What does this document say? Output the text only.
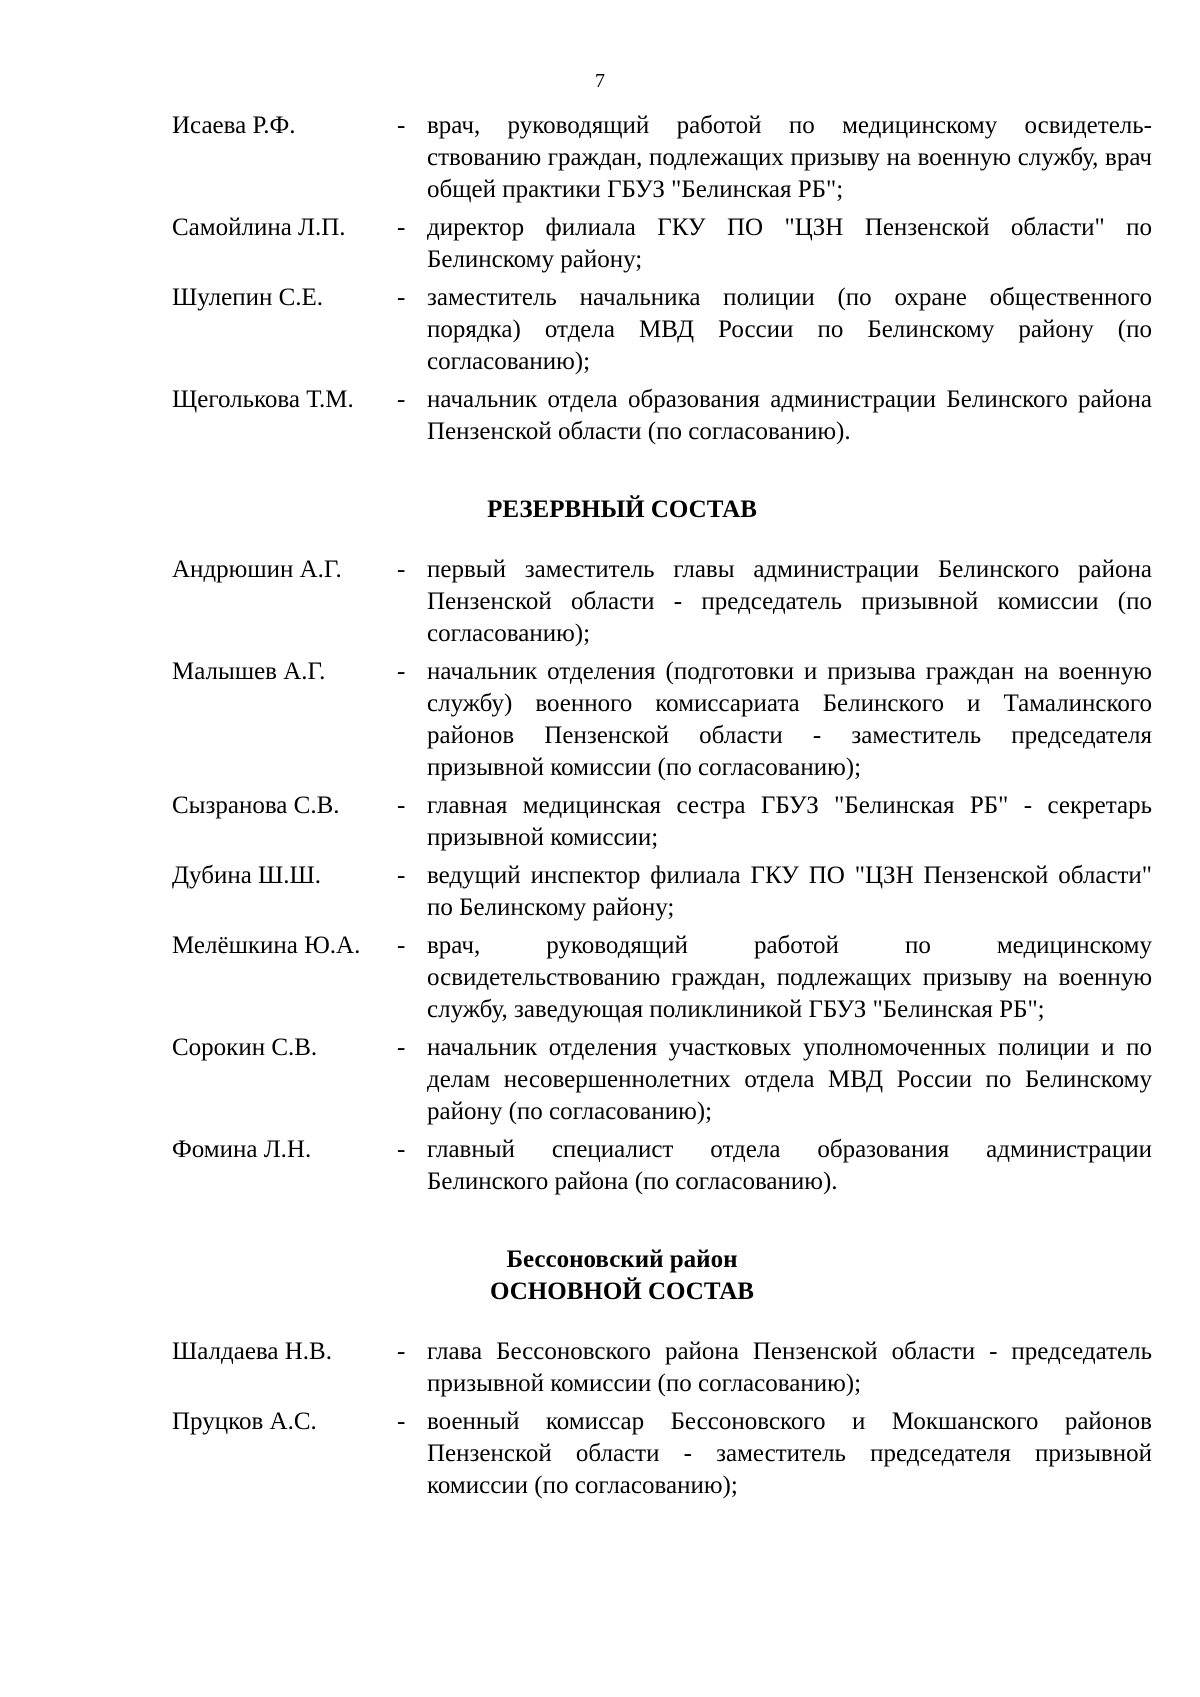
7
Исаева Р.Ф.	- врач, руководящий работой по медицинскому освидетель-ствованию граждан, подлежащих призыву на военную службу, врач общей практики ГБУЗ "Белинская РБ";
Самойлина Л.П.	- директор филиала ГКУ ПО "ЦЗН Пензенской области" по Белинскому району;
Шулепин С.Е.	- заместитель начальника полиции (по охране общественного порядка) отдела МВД России по Белинскому району (по согласованию);
Щеголькова Т.М.	- начальник отдела образования администрации Белинского района Пензенской области (по согласованию).
РЕЗЕРВНЫЙ СОСТАВ
Андрюшин А.Г.	- первый заместитель главы администрации Белинского района Пензенской области - председатель призывной комиссии (по согласованию);
Малышев А.Г.	- начальник отделения (подготовки и призыва граждан на военную службу) военного комиссариата Белинского и Тамалинского районов Пензенской области - заместитель председателя призывной комиссии (по согласованию);
Сызранова С.В.	- главная медицинская сестра ГБУЗ "Белинская РБ" - секретарь призывной комиссии;
Дубина Ш.Ш.	- ведущий инспектор филиала ГКУ ПО "ЦЗН Пензенской области" по Белинскому району;
Мелёшкина Ю.А.	- врач, руководящий работой по медицинскому освидетельствованию граждан, подлежащих призыву на военную службу, заведующая поликлиникой ГБУЗ "Белинская РБ";
Сорокин С.В.	- начальник отделения участковых уполномоченных полиции и по делам несовершеннолетних отдела МВД России по Белинскому району (по согласованию);
Фомина Л.Н.	- главный специалист отдела образования администрации Белинского района (по согласованию).
Бессоновский район
ОСНОВНОЙ СОСТАВ
Шалдаева Н.В.	- глава Бессоновского района Пензенской области - председатель призывной комиссии (по согласованию);
Пруцков А.С.	- военный комиссар Бессоновского и Мокшанского районов Пензенской области - заместитель председателя призывной комиссии (по согласованию);
